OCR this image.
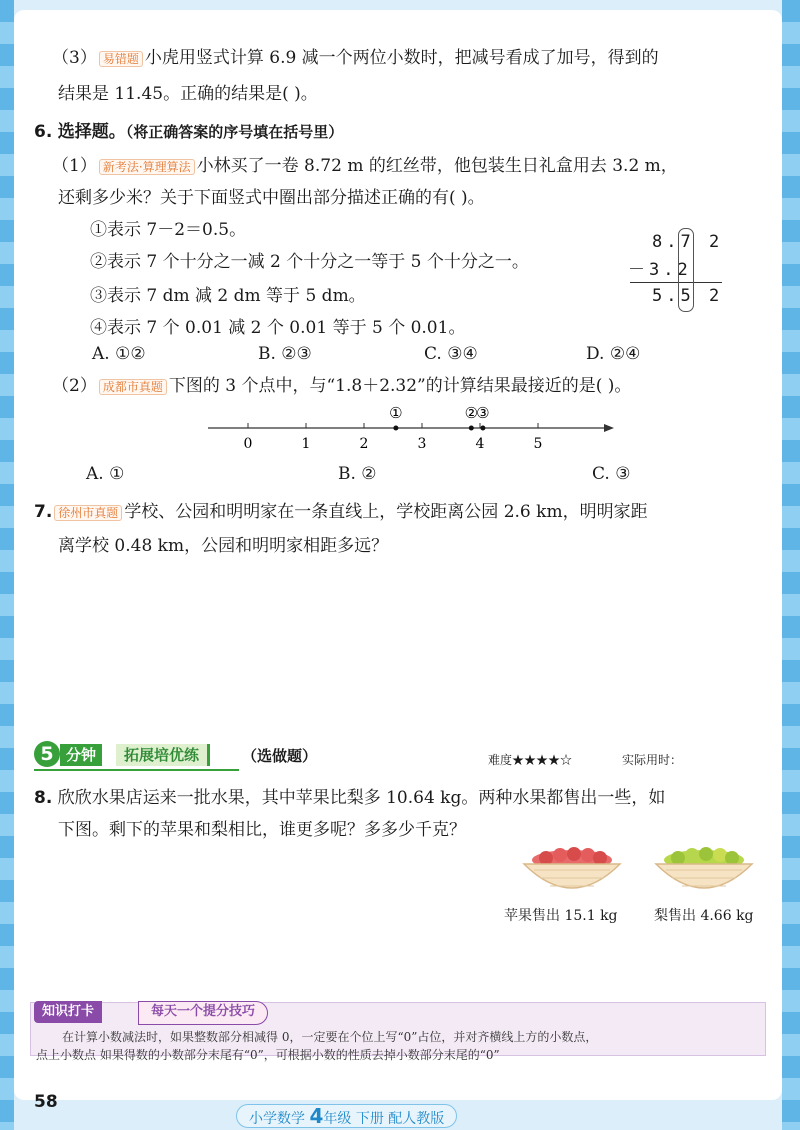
（3） 易错题 小虎用竖式计算 6.9 减一个两位小数时，把减号看成了加号，得到的
结果是 11.45。正确的结果是( )。
6. 选择题。（将正确答案的序号填在括号里）
（1） 新考法·算理算法 小林买了一卷 8.72 m 的红丝带，他包装生日礼盒用去 3.2 m，
还剩多少米？关于下面竖式中圈出部分描述正确的有( )。
①表示 7－2＝0.5。
②表示 7 个十分之一减 2 个十分之一等于 5 个十分之一。
③表示 7 dm 减 2 dm 等于 5 dm。
④表示 7 个 0.01 减 2 个 0.01 等于 5 个 0.01。
8.7 2
－3.2
5.5 2
A. ①②	B. ②③	C. ③④	D. ②④
（2） 成都市真题 下图的 3 个点中，与“1.8＋2.32”的计算结果最接近的是( )。
0	1	2	3	4	5
①	②
③
A. ①	B. ②	C. ③
7. 徐州市真题 学校、公园和明明家在一条直线上，学校距离公园 2.6 km，明明家距
离学校 0.48 km，公园和明明家相距多远？
5 分钟	拓展培优练	（选做题）	难度★★★★☆	实际用时：
8. 欣欣水果店运来一批水果，其中苹果比梨多 10.64 kg。两种水果都售出一些，如
下图。剩下的苹果和梨相比，谁更多呢？多多少千克？
苹果售出 15.1 kg	梨售出 4.66 kg
知识打卡	每天一个提分技巧
在计算小数减法时，如果整数部分相减得 0，一定要在个位上写“0”占位，并对齐横线上方的小数点，
点上小数点 如果得数的小数部分末尾有“0”，可根据小数的性质去掉小数部分末尾的“0”
58
小学数学 4年级 下册 配人教版
